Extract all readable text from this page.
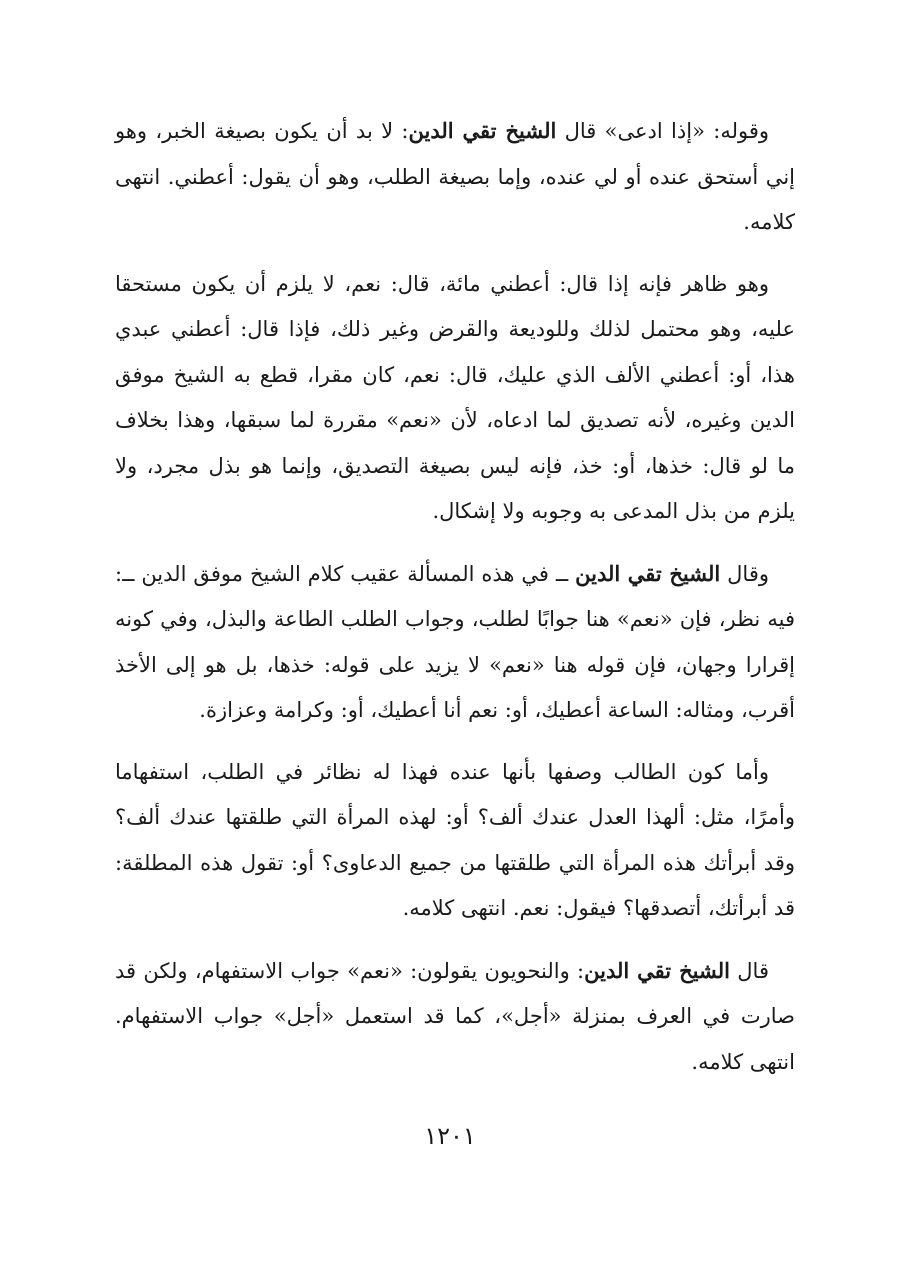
وقوله: «إذا ادعى» قال الشيخ تقي الدين: لا بد أن يكون بصيغة الخبر، وهو إني أستحق عنده أو لي عنده، وإما بصيغة الطلب، وهو أن يقول: أعطني. انتهى كلامه.

وهو ظاهر فإنه إذا قال: أعطني مائة، قال: نعم، لا يلزم أن يكون مستحقا عليه، وهو محتمل لذلك وللوديعة والقرض وغير ذلك، فإذا قال: أعطني عبدي هذا، أو: أعطني الألف الذي عليك، قال: نعم، كان مقرا، قطع به الشيخ موفق الدين وغيره، لأنه تصديق لما ادعاه، لأن «نعم» مقررة لما سبقها، وهذا بخلاف ما لو قال: خذها، أو: خذ، فإنه ليس بصيغة التصديق، وإنما هو بذل مجرد، ولا يلزم من بذل المدعى به وجوبه ولا إشكال.

وقال الشيخ تقي الدين ــ في هذه المسألة عقيب كلام الشيخ موفق الدين ــ: فيه نظر، فإن «نعم» هنا جوابًا لطلب، وجواب الطلب الطاعة والبذل، وفي كونه إقرارا وجهان، فإن قوله هنا «نعم» لا يزيد على قوله: خذها، بل هو إلى الأخذ أقرب، ومثاله: الساعة أعطيك، أو: نعم أنا أعطيك، أو: وكرامة وعزازة.

وأما كون الطالب وصفها بأنها عنده فهذا له نظائر في الطلب، استفهاما وأمرًا، مثل: ألهذا العدل عندك ألف؟ أو: لهذه المرأة التي طلقتها عندك ألف؟ وقد أبرأتك هذه المرأة التي طلقتها من جميع الدعاوى؟ أو: تقول هذه المطلقة: قد أبرأتك، أتصدقها؟ فيقول: نعم. انتهى كلامه.

قال الشيخ تقي الدين: والنحويون يقولون: «نعم» جواب الاستفهام، ولكن قد صارت في العرف بمنزلة «أجل»، كما قد استعمل «أجل» جواب الاستفهام. انتهى كلامه.

١٢٠١
